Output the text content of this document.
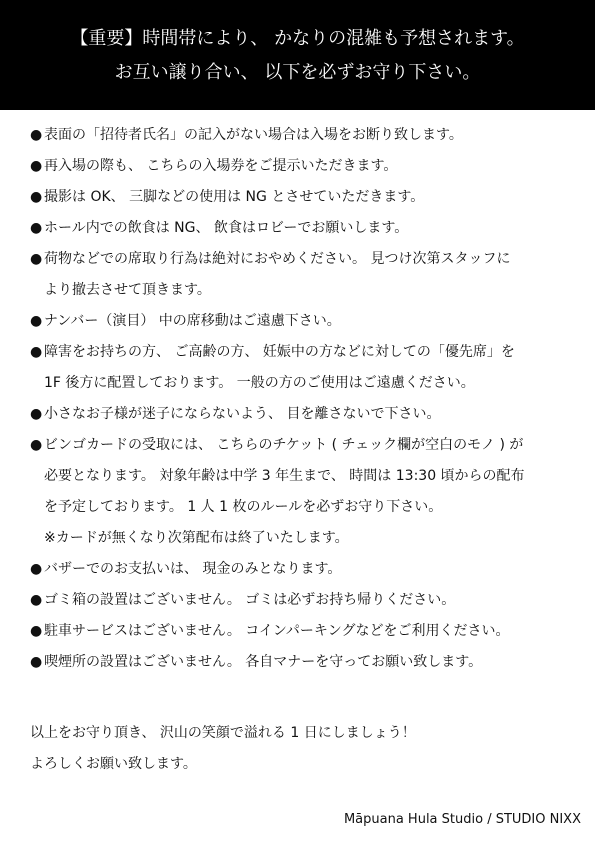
【重要】時間帯により、 かなりの混雑も予想されます。
お互い譲り合い、 以下を必ずお守り下さい。
● 表面の「招待者氏名」の記入がない場合は入場をお断り致します。
● 再入場の際も、 こちらの入場券をご提示いただきます。
● 撮影は OK、 三脚などの使用は NG とさせていただきます。
● ホール内での飲食は NG、 飲食はロビーでお願いします。
● 荷物などでの席取り行為は絶対におやめください。 見つけ次第スタッフに
より撤去させて頂きます。
● ナンバー（演目） 中の席移動はご遠慮下さい。
● 障害をお持ちの方、 ご高齢の方、 妊娠中の方などに対しての「優先席」を
1F 後方に配置しております。 一般の方のご使用はご遠慮ください。
● 小さなお子様が迷子にならないよう、 目を離さないで下さい。
● ビンゴカードの受取には、 こちらのチケット ( チェック欄が空白のモノ ) が
必要となります。 対象年齢は中学 3 年生まで、 時間は 13:30 頃からの配布
を予定しております。 1 人 1 枚のルールを必ずお守り下さい。
※カードが無くなり次第配布は終了いたします。
● バザーでのお支払いは、 現金のみとなります。
● ゴミ箱の設置はございません。 ゴミは必ずお持ち帰りください。
● 駐車サービスはございません。 コインパーキングなどをご利用ください。
● 喫煙所の設置はございません。 各自マナーを守ってお願い致します。
以上をお守り頂き、 沢山の笑顔で溢れる 1 日にしましょう！
よろしくお願い致します。
Māpuana Hula Studio / STUDIO NIXX
